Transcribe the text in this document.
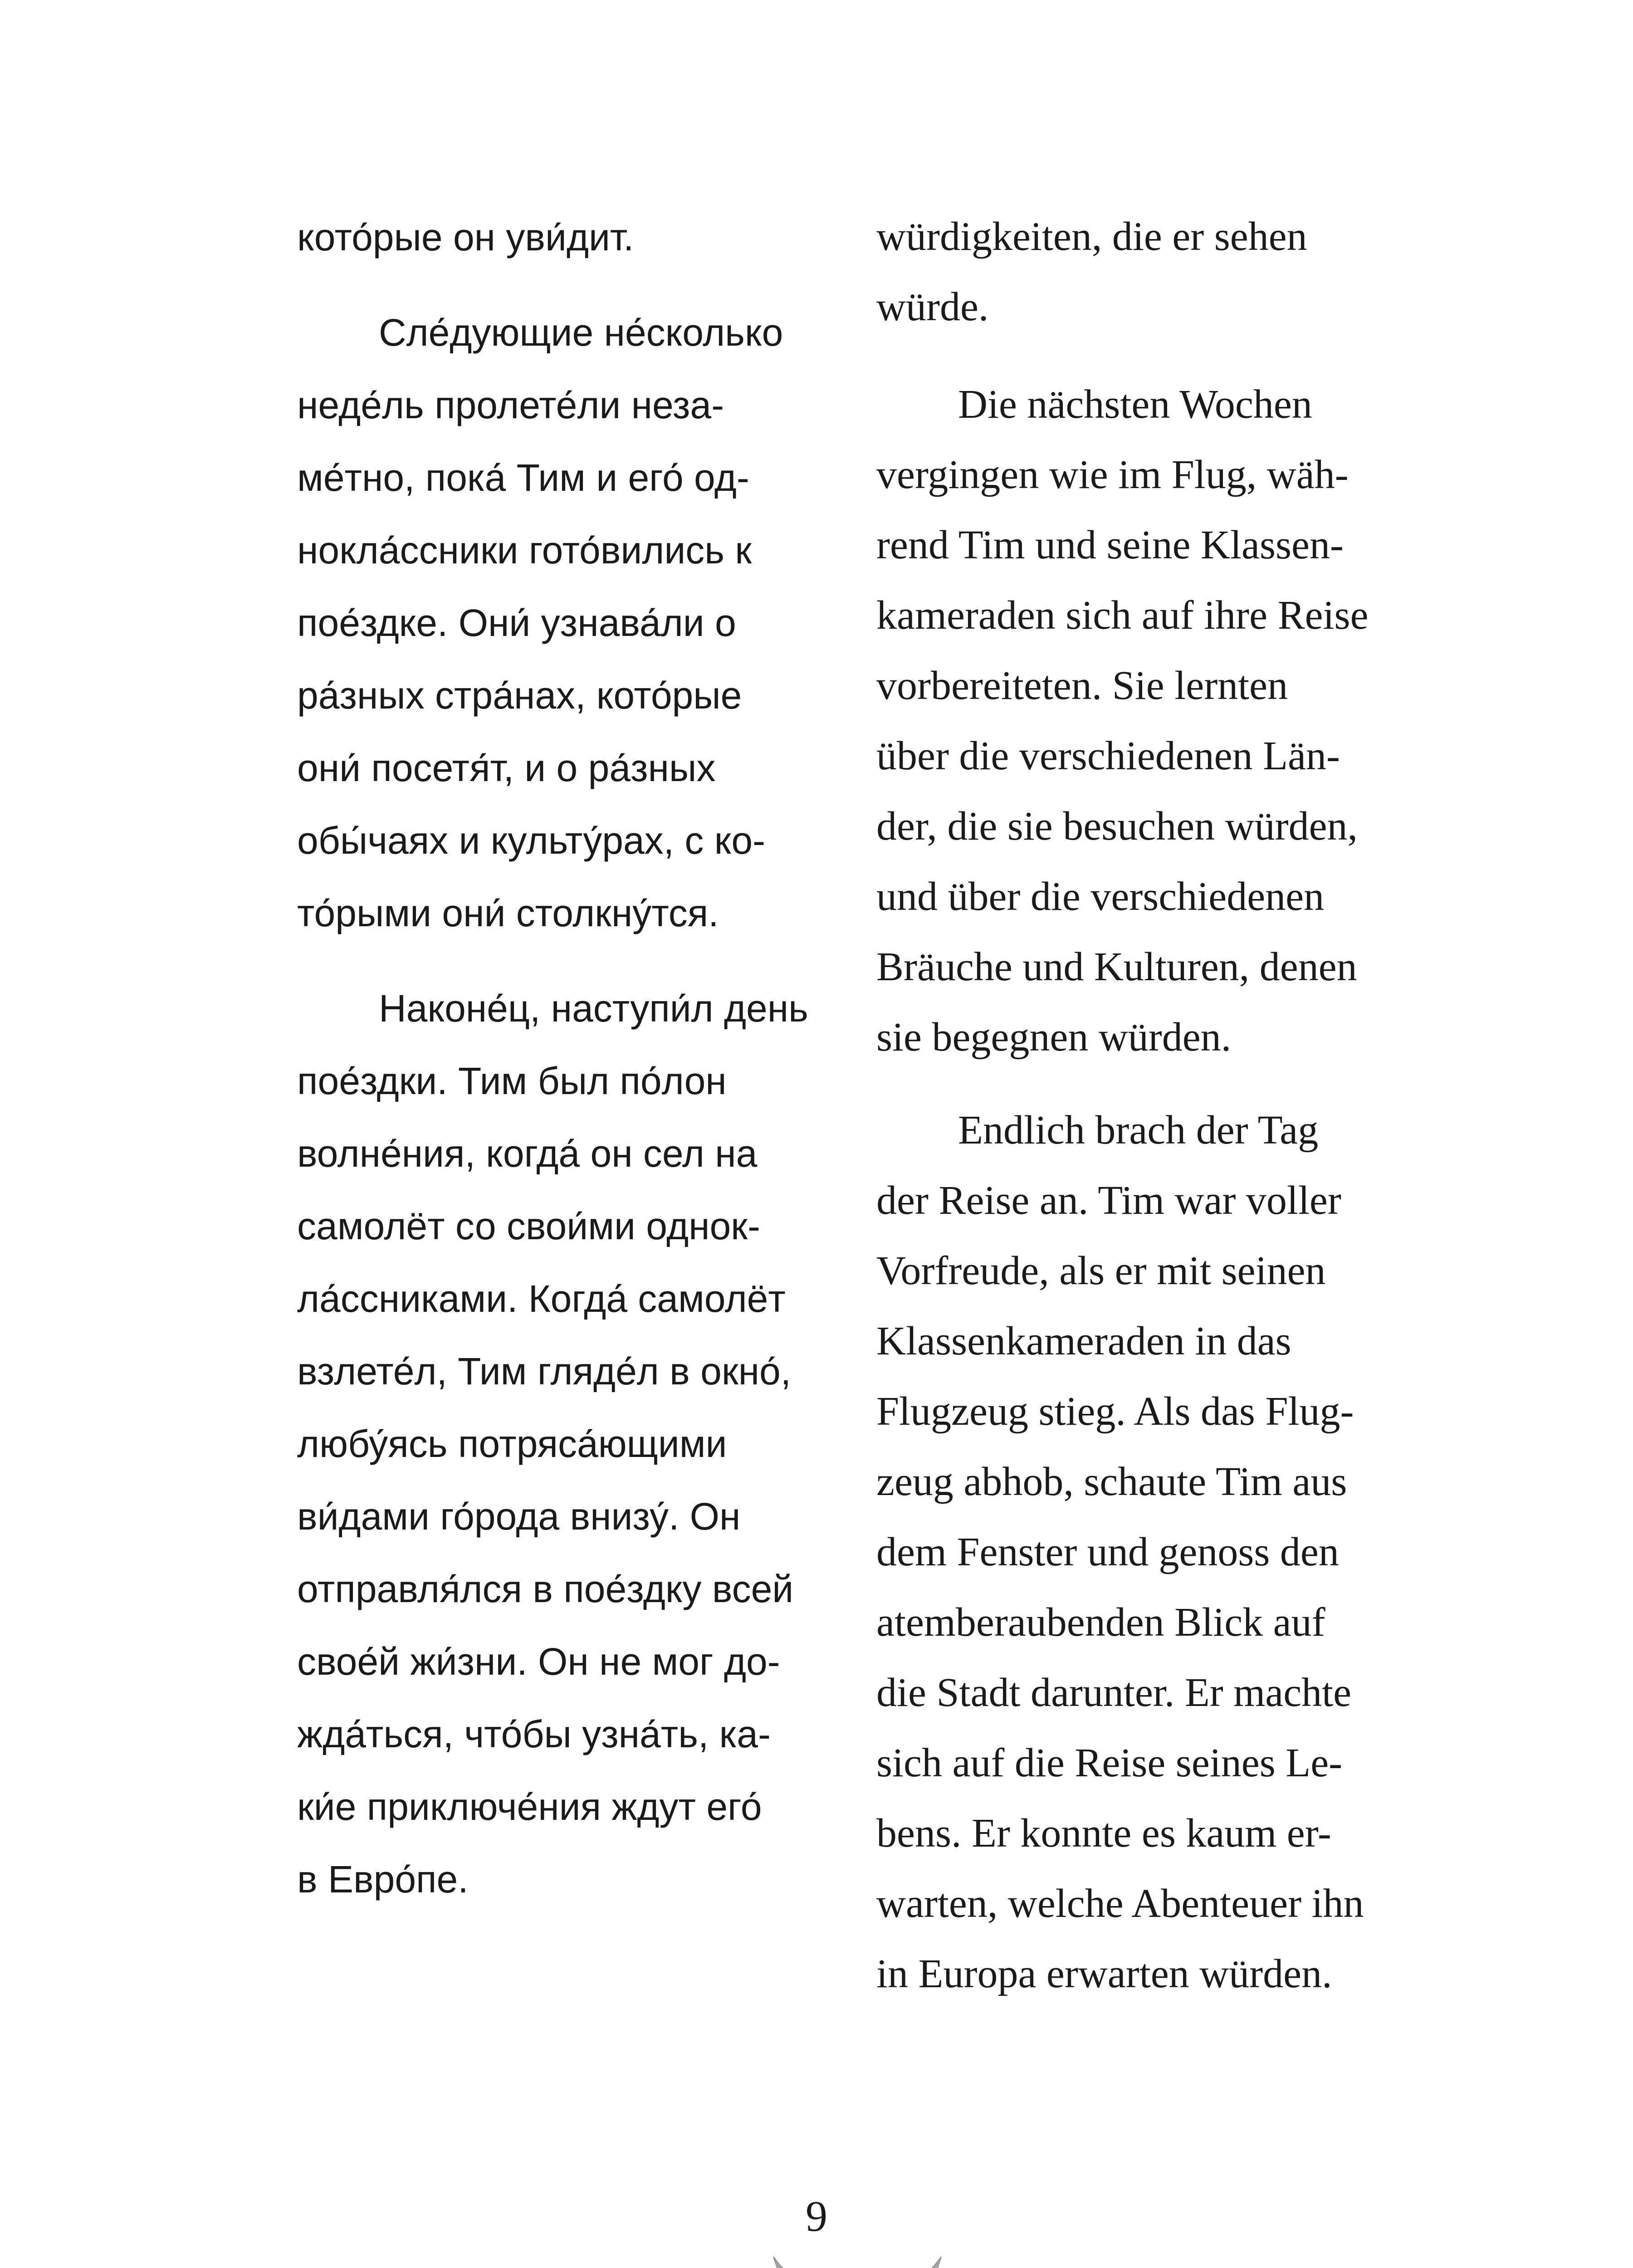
кото́рые он уви́дит.
Сле́дующие не́сколько
неде́ль пролете́ли неза-
ме́тно, пока́ Тим и его́ од-
нокла́ссники гото́вились к
пое́здке. Они́ узнава́ли о
ра́зных стра́нах, кото́рые
они́ посетя́т, и о ра́зных
обы́чаях и культу́рах, с ко-
то́рыми они́ столкну́тся.
Наконе́ц, наступи́л день
пое́здки. Тим был по́лон
волне́ния, когда́ он сел на
самолёт со свои́ми однок-
ла́ссниками. Когда́ самолёт
взлете́л, Тим гляде́л в окно́,
любу́ясь потряса́ющими
ви́дами го́рода внизу́. Он
отправля́лся в пое́здку всей
свое́й жи́зни. Он не мог до-
жда́ться, что́бы узна́ть, ка-
ки́е приключе́ния ждут его́
в Евро́пе.
würdigkeiten, die er sehen
würde.
Die nächsten Wochen
vergingen wie im Flug, wäh-
rend Tim und seine Klassen-
kameraden sich auf ihre Reise
vorbereiteten. Sie lernten
über die verschiedenen Län-
der, die sie besuchen würden,
und über die verschiedenen
Bräuche und Kulturen, denen
sie begegnen würden.
Endlich brach der Tag
der Reise an. Tim war voller
Vorfreude, als er mit seinen
Klassenkameraden in das
Flugzeug stieg. Als das Flug-
zeug abhob, schaute Tim aus
dem Fenster und genoss den
atemberaubenden Blick auf
die Stadt darunter. Er machte
sich auf die Reise seines Le-
bens. Er konnte es kaum er-
warten, welche Abenteuer ihn
in Europa erwarten würden.
9
